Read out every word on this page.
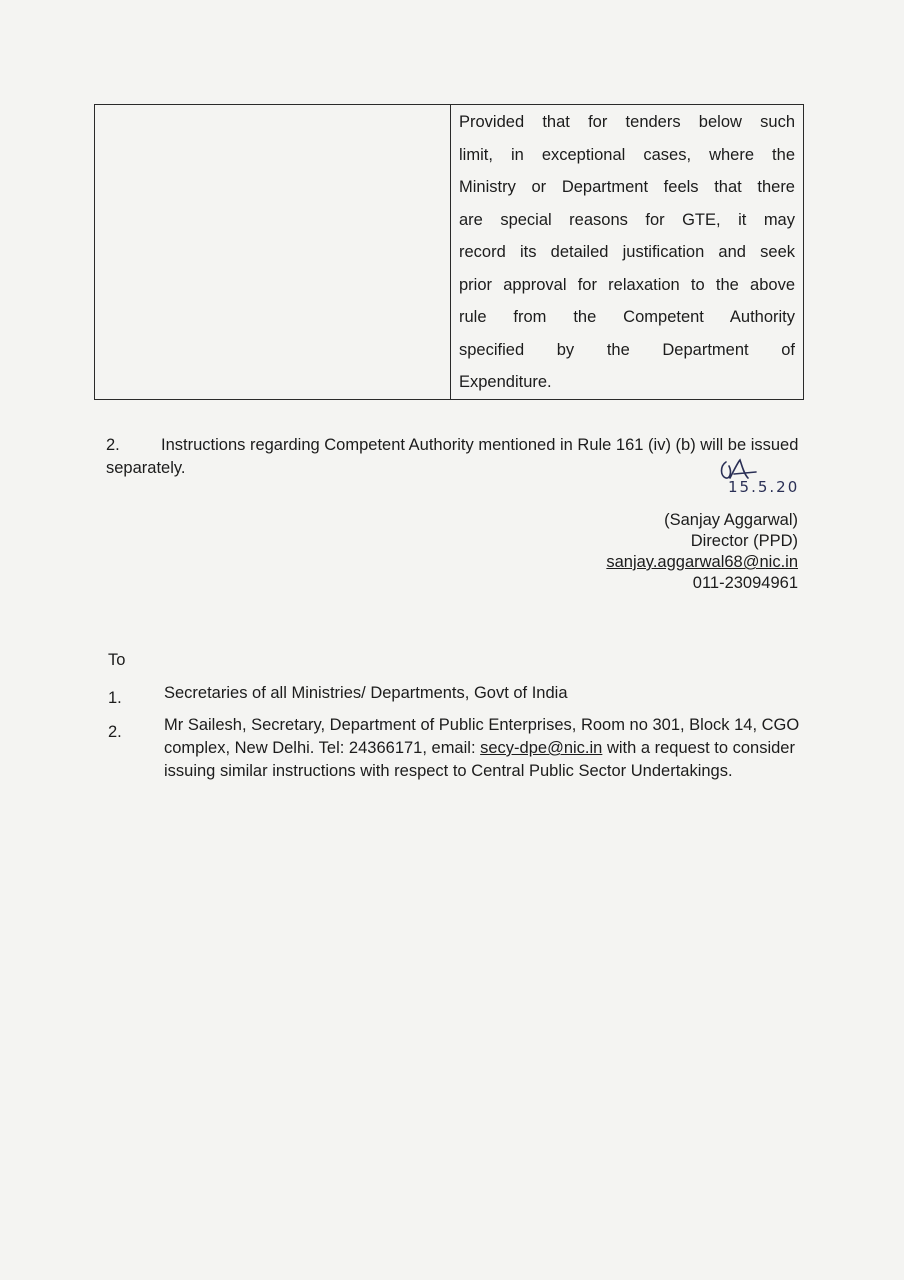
Provided that for tenders below such
limit, in exceptional cases, where the
Ministry or Department feels that there
are special reasons for GTE, it may
record its detailed justification and seek
prior approval for relaxation to the above
rule from the Competent Authority
specified by the Department of
Expenditure.
2. Instructions regarding Competent Authority mentioned in Rule 161 (iv) (b) will be issued separately.
15.5.20
(Sanjay Aggarwal)
Director (PPD)
sanjay.aggarwal68@nic.in
011-23094961
To
1.	Secretaries of all Ministries/ Departments, Govt of India
2.	Mr Sailesh, Secretary, Department of Public Enterprises, Room no 301, Block 14, CGO complex, New Delhi. Tel: 24366171, email: secy-dpe@nic.in with a request to consider issuing similar instructions with respect to Central Public Sector Undertakings.
